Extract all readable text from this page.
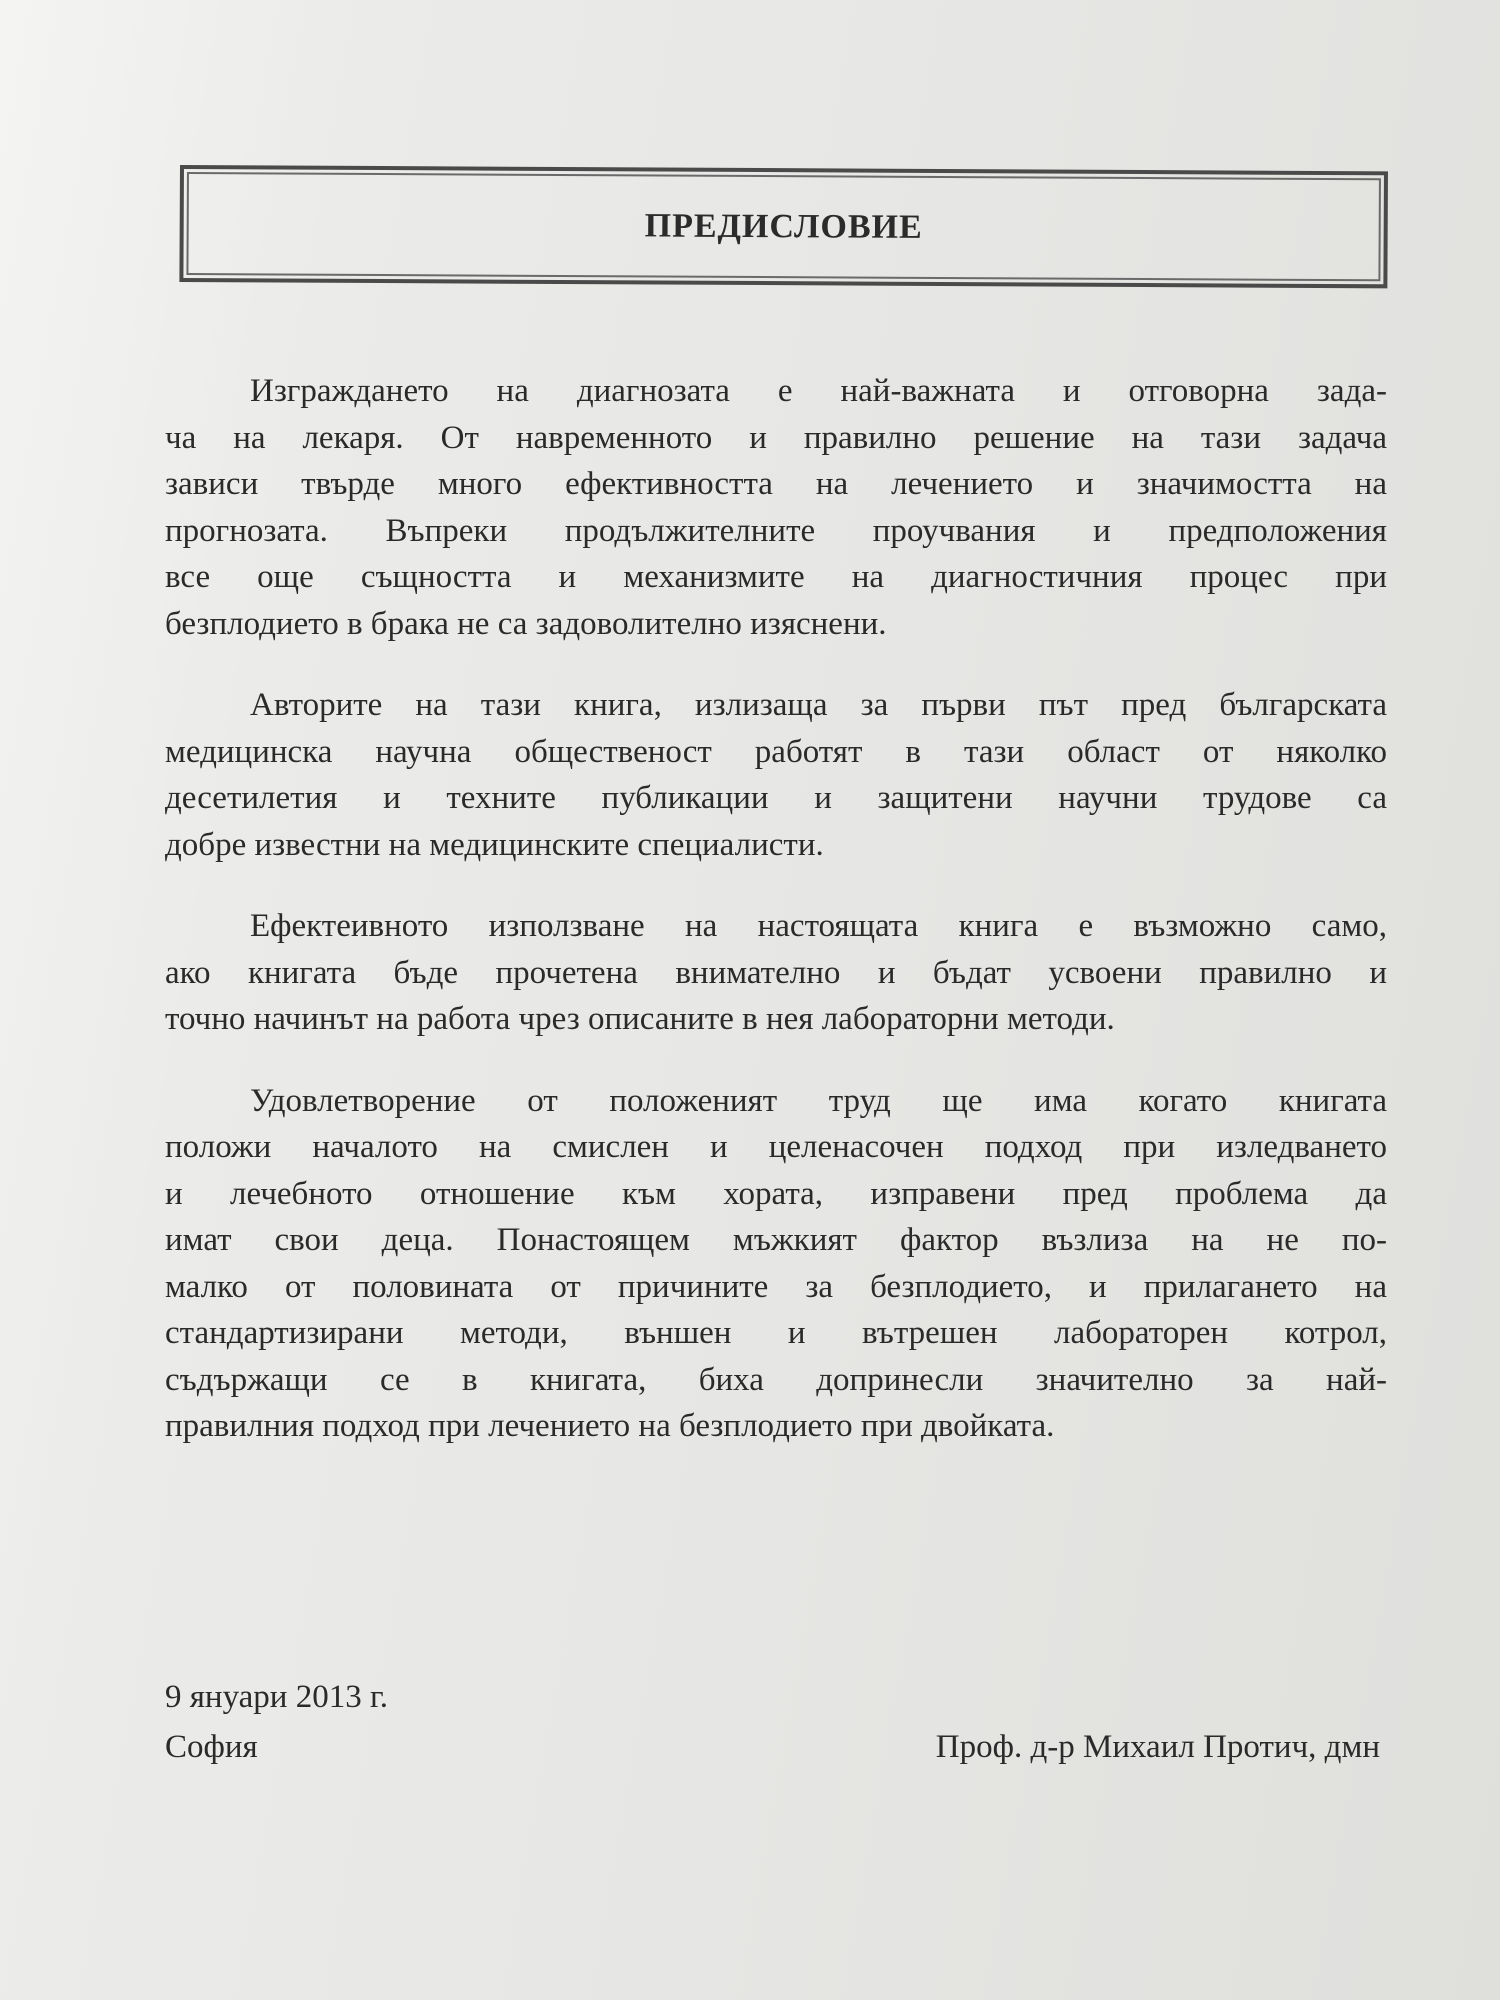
ПРЕДИСЛОВИЕ

Изграждането на диагнозата е най-важната и отговорна зада-
ча на лекаря. От навременното и правилно решение на тази задача
зависи твърде много ефективността на лечението и значимостта на
прогнозата. Въпреки продължителните проучвания и предположения
все още същността и механизмите на диагностичния процес при
безплодието в брака не са задоволително изяснени.

Авторите на тази книга, излизаща за първи път пред българската
медицинска научна общественост работят в тази област от няколко
десетилетия и техните публикации и защитени научни трудове са
добре известни на медицинските специалисти.

Ефектеивното използване на настоящата книга е възможно само,
ако книгата бъде прочетена внимателно и бъдат усвоени правилно и
точно начинът на работа чрез описаните в нея лабораторни методи.

Удовлетворение от положеният труд ще има когато книгата
положи началото на смислен и целенасочен подход при изледването
и лечебното отношение към хората, изправени пред проблема да
имат свои деца. Понастоящем мъжкият фактор възлиза на не по-
малко от половината от причините за безплодието, и прилагането на
стандартизирани методи, външен и вътрешен лабораторен котрол,
съдържащи се в книгата, биха допринесли значително за най-
правилния подход при лечението на безплодието при двойката.

9 януари 2013 г.
София	Проф. д-р Михаил Протич, дмн
